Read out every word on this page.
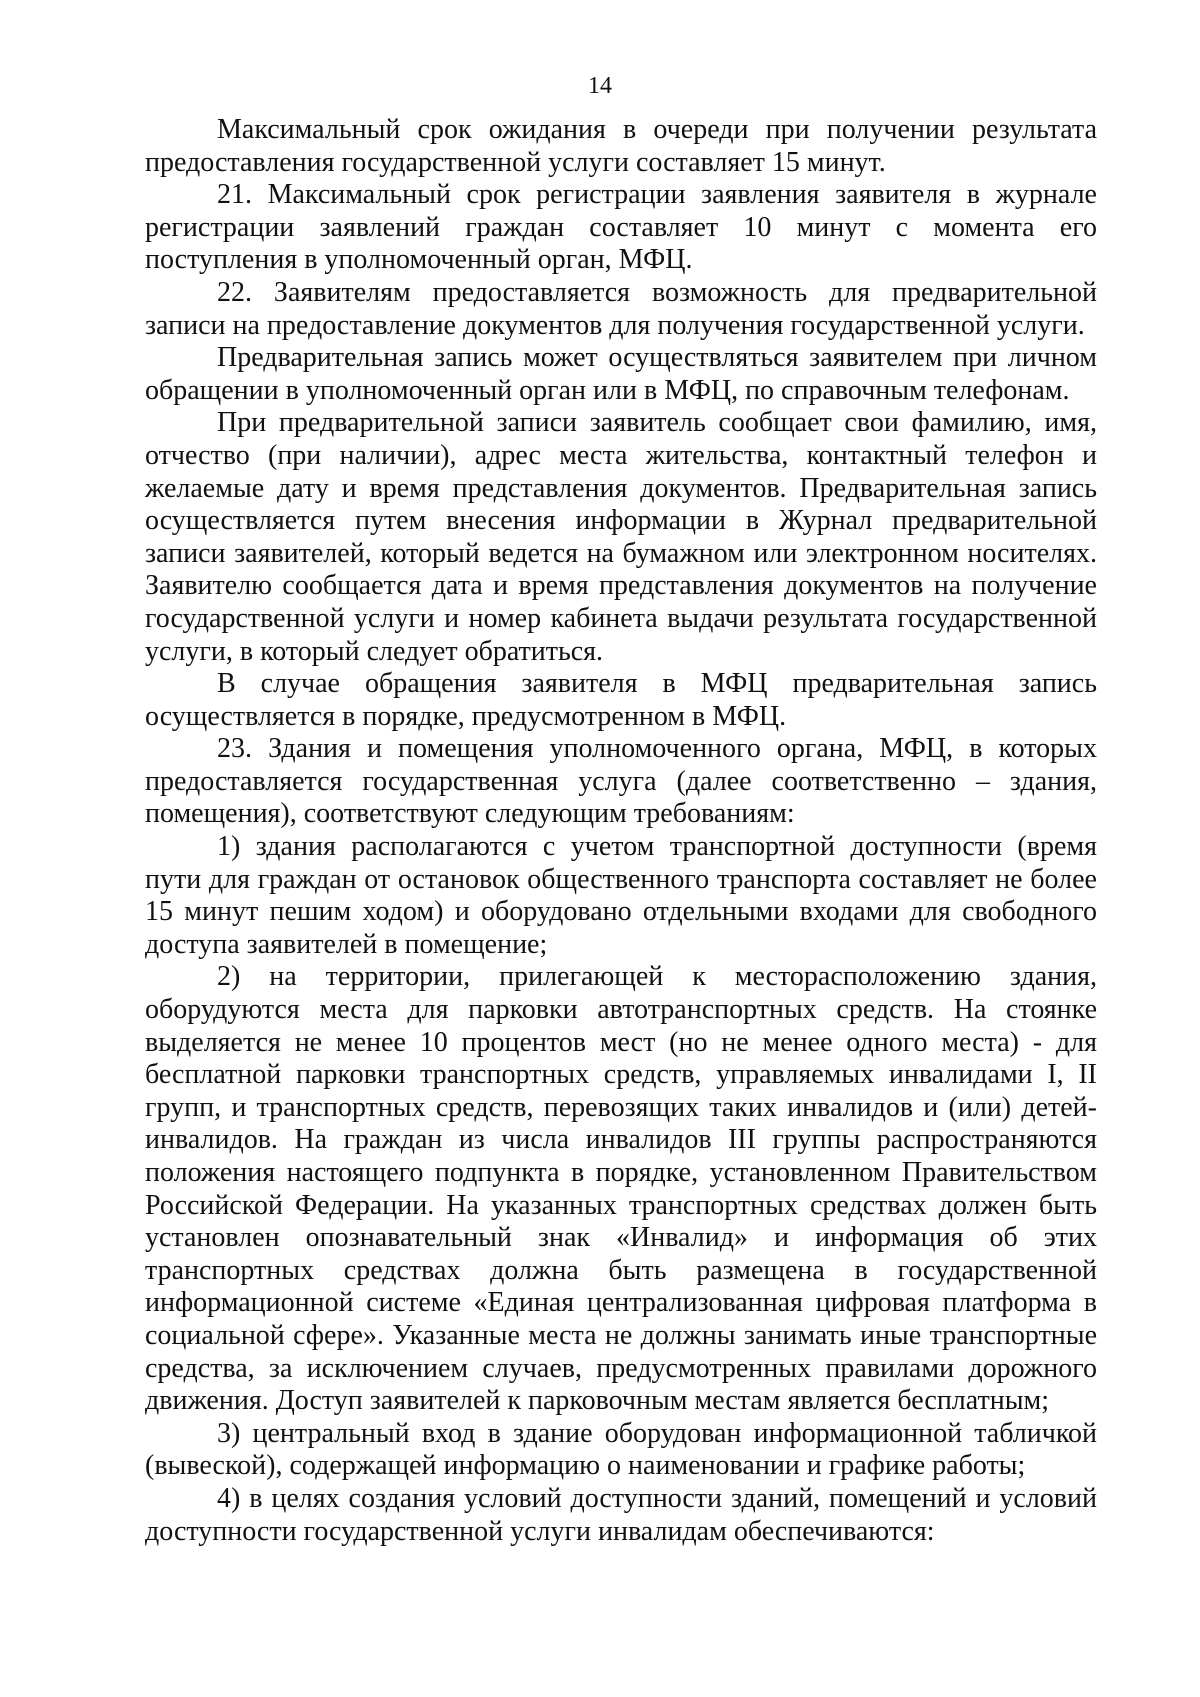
14

Максимальный срок ожидания в очереди при получении результата предоставления государственной услуги составляет 15 минут.

21. Максимальный срок регистрации заявления заявителя в журнале регистрации заявлений граждан составляет 10 минут с момента его поступления в уполномоченный орган, МФЦ.

22. Заявителям предоставляется возможность для предварительной записи на предоставление документов для получения государственной услуги.

Предварительная запись может осуществляться заявителем при личном обращении в уполномоченный орган или в МФЦ, по справочным телефонам.

При предварительной записи заявитель сообщает свои фамилию, имя, отчество (при наличии), адрес места жительства, контактный телефон и желаемые дату и время представления документов. Предварительная запись осуществляется путем внесения информации в Журнал предварительной записи заявителей, который ведется на бумажном или электронном носителях. Заявителю сообщается дата и время представления документов на получение государственной услуги и номер кабинета выдачи результата государственной услуги, в который следует обратиться.

В случае обращения заявителя в МФЦ предварительная запись осуществляется в порядке, предусмотренном в МФЦ.

23. Здания и помещения уполномоченного органа, МФЦ, в которых предоставляется государственная услуга (далее соответственно – здания, помещения), соответствуют следующим требованиям:

1) здания располагаются с учетом транспортной доступности (время пути для граждан от остановок общественного транспорта составляет не более 15 минут пешим ходом) и оборудовано отдельными входами для свободного доступа заявителей в помещение;

2) на территории, прилегающей к месторасположению здания, оборудуются места для парковки автотранспортных средств. На стоянке выделяется не менее 10 процентов мест (но не менее одного места) - для бесплатной парковки транспортных средств, управляемых инвалидами I, II групп, и транспортных средств, перевозящих таких инвалидов и (или) детей-инвалидов. На граждан из числа инвалидов III группы распространяются положения настоящего подпункта в порядке, установленном Правительством Российской Федерации. На указанных транспортных средствах должен быть установлен опознавательный знак «Инвалид» и информация об этих транспортных средствах должна быть размещена в государственной информационной системе «Единая централизованная цифровая платформа в социальной сфере». Указанные места не должны занимать иные транспортные средства, за исключением случаев, предусмотренных правилами дорожного движения. Доступ заявителей к парковочным местам является бесплатным;

3) центральный вход в здание оборудован информационной табличкой (вывеской), содержащей информацию о наименовании и графике работы;

4) в целях создания условий доступности зданий, помещений и условий доступности государственной услуги инвалидам обеспечиваются:
